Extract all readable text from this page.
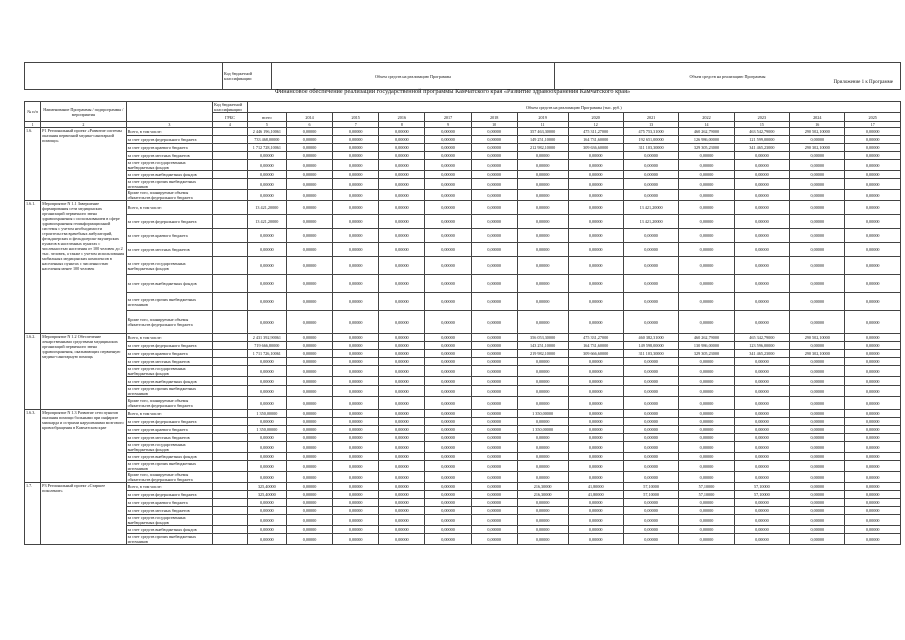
	Код бюджетной классификации	Объем средств на реализацию Программы	Объем средств на реализацию Программы
Приложение 1 к Программе
Финансовое обеспечение реализации государственной программы Камчатского края «Развитие здравоохранения Камчатского края»
№ п/п	Наименование Программы / подпрограммы / мероприятия		Код бюджетной классификации	Объем средств на реализацию Программы (тыс. руб.)												
			ГРБС													
				всего	2014	2015	2016	2017	2018	2019	2020	2021	2022	2023	2024	2025
1	2	3	4	5	6	7	8	9	10	11	12	13	14	15	16	17
1.6.	Р1 Региональный проект «Развитие системы оказания первичной медико-санитарной помощи»	Всего, в том числе:		2 446 196,10061	0,00000	0,00000	0,00000	0,00000	0,00000	357 463,30000	475 311,27000	475 753,31000	460 262,79000	463 542,79000	290 502,10000	0,00000
		за счет средств федерального бюджета		733 468,00000	0,00000	0,00000	0,00000	0,00000	0,00000	149 251,10000	164 731,60000	192 651,00000	126 986,00000	121 599,00000	0,00000	0,00000
		за счет средств краевого бюджета		1 712 728,10061	0,00000	0,00000	0,00000	0,00000	0,00000	212 982,10000	309 636,60000	311 103,30000	329 305,23000	341 465,23000	290 302,10000	0,00000
		за счет средств местных бюджетов		0,00000	0,00000	0,00000	0,00000	0,00000	0,00000	0,00000	0,00000	0,00000	0,00000	0,00000	0,00000	0,00000
		за счет средств государственных внебюджетных фондов		0,00000	0,00000	0,00000	0,00000	0,00000	0,00000	0,00000	0,00000	0,00000	0,00000	0,00000	0,00000	0,00000
		за счет средств внебюджетных фондов		0,00000	0,00000	0,00000	0,00000	0,00000	0,00000	0,00000	0,00000	0,00000	0,00000	0,00000	0,00000	0,00000
		за счет средств прочих внебюджетных источников		0,00000	0,00000	0,00000	0,00000	0,00000	0,00000	0,00000	0,00000	0,00000	0,00000	0,00000	0,00000	0,00000
		Кроме того, планируемые объемы обязательств федерального бюджета		0,00000	0,00000	0,00000	0,00000	0,00000	0,00000	0,00000	0,00000	0,00000	0,00000	0,00000	0,00000	0,00000
1.6.1.	Мероприятие N 1.1 Завершение формирования сети медицинских организаций первичного звена здравоохранения с использованием в сфере здравоохранения геоинформационной системы с учетом необходимости строительства врачебных амбулаторий, фельдшерских и фельдшерско-акушерских пунктов в населенных пунктах с численностью населения от 100 человек до 2 тыс. человек, а также с учетом использования мобильных медицинских комплексов в населенных пунктах с численностью населения менее 100 человек	Всего, в том числе:		13 421,20000	0,00000	0,00000	0,00000	0,00000	0,00000	0,00000	0,00000	13 421,20000	0,00000	0,00000	0,00000	0,00000
		за счет средств федерального бюджета		13 421,20000	0,00000	0,00000	0,00000	0,00000	0,00000	0,00000	0,00000	13 421,20000	0,00000	0,00000	0,00000	0,00000
		за счет средств краевого бюджета		0,00000	0,00000	0,00000	0,00000	0,00000	0,00000	0,00000	0,00000	0,00000	0,00000	0,00000	0,00000	0,00000
		за счет средств местных бюджетов		0,00000	0,00000	0,00000	0,00000	0,00000	0,00000	0,00000	0,00000	0,00000	0,00000	0,00000	0,00000	0,00000
		за счет средств государственных внебюджетных фондов		0,00000	0,00000	0,00000	0,00000	0,00000	0,00000	0,00000	0,00000	0,00000	0,00000	0,00000	0,00000	0,00000
		за счет средств внебюджетных фондов		0,00000	0,00000	0,00000	0,00000	0,00000	0,00000	0,00000	0,00000	0,00000	0,00000	0,00000	0,00000	0,00000
		за счет средств прочих внебюджетных источников		0,00000	0,00000	0,00000	0,00000	0,00000	0,00000	0,00000	0,00000	0,00000	0,00000	0,00000	0,00000	0,00000
		Кроме того, планируемые объемы обязательств федерального бюджета		0,00000	0,00000	0,00000	0,00000	0,00000	0,00000	0,00000	0,00000	0,00000	0,00000	0,00000	0,00000	0,00000
1.6.2.	Мероприятие N 1.2 Обеспечение лекарственными средствами медицинских организаций первичного звена здравоохранения, оказывающих первичную медико-санитарную помощь	Всего, в том числе:		2 431 392,90061	0,00000	0,00000	0,00000	0,00000	0,00000	356 053,30000	475 331,27000	460 382,31000	460 262,79000	465 342,79000	290 502,10000	0,00000
		за счет средств федерального бюджета		719 666,80000	0,00000	0,00000	0,00000	0,00000	0,00000	143 251,10000	164 731,60000	149 598,00000	130 986,00000	123 596,00000	0,00000	0,00000
		за счет средств краевого бюджета		1 711 726,10061	0,00000	0,00000	0,00000	0,00000	0,00000	219 982,10000	309 666,60000	311 103,30000	329 305,23000	341 465,23000	290 302,10000	0,00000
		за счет средств местных бюджетов		0,00000	0,00000	0,00000	0,00000	0,00000	0,00000	0,00000	0,00000	0,00000	0,00000	0,00000	0,00000	0,00000
		за счет средств государственных внебюджетных фондов		0,00000	0,00000	0,00000	0,00000	0,00000	0,00000	0,00000	0,00000	0,00000	0,00000	0,00000	0,00000	0,00000
		за счет средств внебюджетных фондов		0,00000	0,00000	0,00000	0,00000	0,00000	0,00000	0,00000	0,00000	0,00000	0,00000	0,00000	0,00000	0,00000
		за счет средств прочих внебюджетных источников		0,00000	0,00000	0,00000	0,00000	0,00000	0,00000	0,00000	0,00000	0,00000	0,00000	0,00000	0,00000	0,00000
		Кроме того, планируемые объемы обязательств федерального бюджета		0,00000	0,00000	0,00000	0,00000	0,00000	0,00000	0,00000	0,00000	0,00000	0,00000	0,00000	0,00000	0,00000
1.6.3.	Мероприятие N 1.3 Развитие сети пунктов оказания помощи больными при инфаркте миокарда и острыми нарушениями мозгового кровообращения в Камчатском крае	Всего, в том числе:		1 350,00000	0,00000	0,00000	0,00000	0,00000	0,00000	1 350,00000	0,00000	0,00000	0,00000	0,00000	0,00000	0,00000
		за счет средств федерального бюджета		0,00000	0,00000	0,00000	0,00000	0,00000	0,00000	0,00000	0,00000	0,00000	0,00000	0,00000	0,00000	0,00000
		за счет средств краевого бюджета		1 350,00000	0,00000	0,00000	0,00000	0,00000	0,00000	1 350,00000	0,00000	0,00000	0,00000	0,00000	0,00000	0,00000
		за счет средств местных бюджетов		0,00000	0,00000	0,00000	0,00000	0,00000	0,00000	0,00000	0,00000	0,00000	0,00000	0,00000	0,00000	0,00000
		за счет средств государственных внебюджетных фондов		0,00000	0,00000	0,00000	0,00000	0,00000	0,00000	0,00000	0,00000	0,00000	0,00000	0,00000	0,00000	0,00000
		за счет средств внебюджетных фондов		0,00000	0,00000	0,00000	0,00000	0,00000	0,00000	0,00000	0,00000	0,00000	0,00000	0,00000	0,00000	0,00000
		за счет средств прочих внебюджетных источников		0,00000	0,00000	0,00000	0,00000	0,00000	0,00000	0,00000	0,00000	0,00000	0,00000	0,00000	0,00000	0,00000
		Кроме того, планируемые объемы обязательств федерального бюджета		0,00000	0,00000	0,00000	0,00000	0,00000	0,00000	0,00000	0,00000	0,00000	0,00000	0,00000	0,00000	0,00000
1.7.	Р3 Региональный проект «Старшее поколение»	Всего, в том числе:		325,40000	0,00000	0,00000	0,00000	0,00000	0,00000	216,30000	41,80000	57,10000	57,10000	57,10000	0,00000	0,00000
		за счет средств федерального бюджета		325,40000	0,00000	0,00000	0,00000	0,00000	0,00000	216,30000	41,80000	57,10000	57,10000	57,10000	0,00000	0,00000
		за счет средств краевого бюджета		0,00000	0,00000	0,00000	0,00000	0,00000	0,00000	0,00000	0,00000	0,00000	0,00000	0,00000	0,00000	0,00000
		за счет средств местных бюджетов		0,00000	0,00000	0,00000	0,00000	0,00000	0,00000	0,00000	0,00000	0,00000	0,00000	0,00000	0,00000	0,00000
		за счет средств государственных внебюджетных фондов		0,00000	0,00000	0,00000	0,00000	0,00000	0,00000	0,00000	0,00000	0,00000	0,00000	0,00000	0,00000	0,00000
		за счет средств внебюджетных фондов		0,00000	0,00000	0,00000	0,00000	0,00000	0,00000	0,00000	0,00000	0,00000	0,00000	0,00000	0,00000	0,00000
		за счет средств прочих внебюджетных источников		0,00000	0,00000	0,00000	0,00000	0,00000	0,00000	0,00000	0,00000	0,00000	0,00000	0,00000	0,00000	0,00000
